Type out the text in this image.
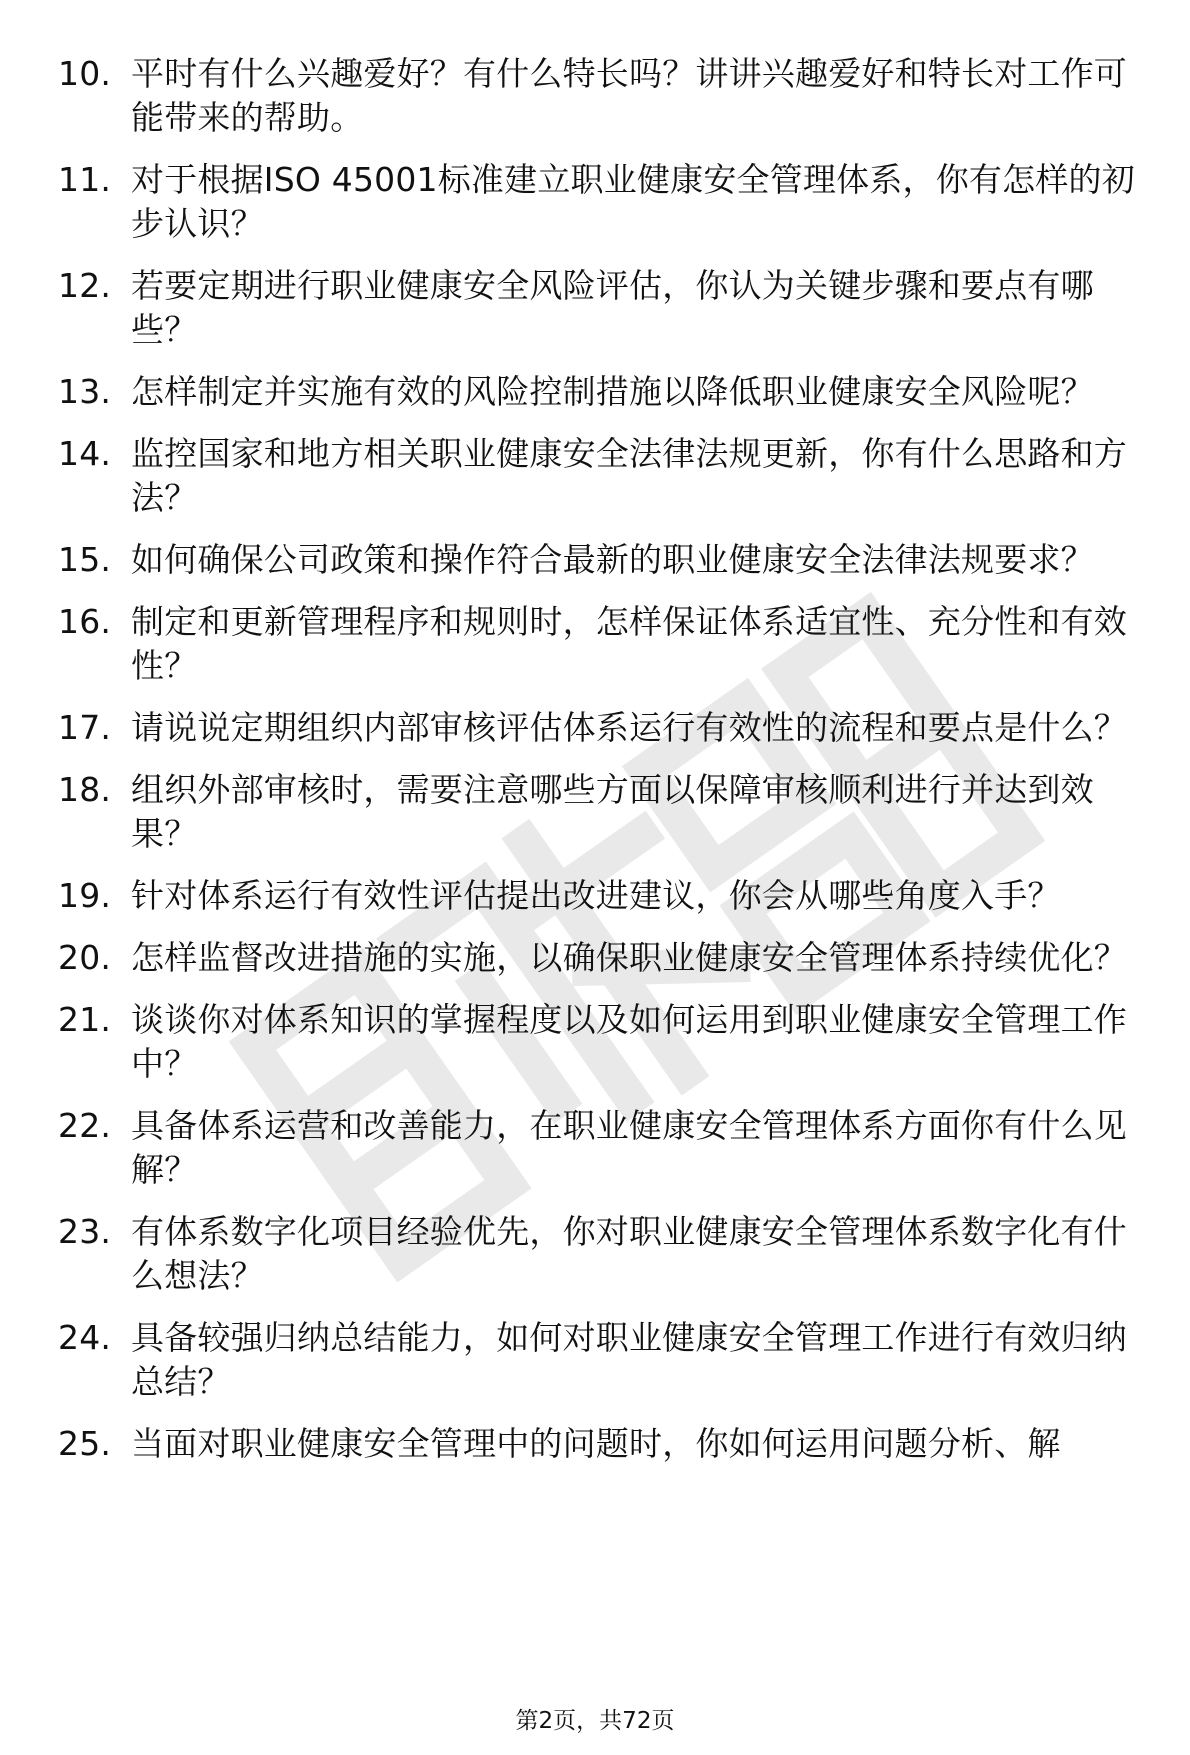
10. 平时有什么兴趣爱好？有什么特长吗？讲讲兴趣爱好和特长对工作可能带来的帮助。
11. 对于根据ISO 45001标准建立职业健康安全管理体系，你有怎样的初步认识？
12. 若要定期进行职业健康安全风险评估，你认为关键步骤和要点有哪些？
13. 怎样制定并实施有效的风险控制措施以降低职业健康安全风险呢？
14. 监控国家和地方相关职业健康安全法律法规更新，你有什么思路和方法？
15. 如何确保公司政策和操作符合最新的职业健康安全法律法规要求？
16. 制定和更新管理程序和规则时，怎样保证体系适宜性、充分性和有效性？
17. 请说说定期组织内部审核评估体系运行有效性的流程和要点是什么？
18. 组织外部审核时，需要注意哪些方面以保障审核顺利进行并达到效果？
19. 针对体系运行有效性评估提出改进建议，你会从哪些角度入手？
20. 怎样监督改进措施的实施，以确保职业健康安全管理体系持续优化？
21. 谈谈你对体系知识的掌握程度以及如何运用到职业健康安全管理工作中？
22. 具备体系运营和改善能力，在职业健康安全管理体系方面你有什么见解？
23. 有体系数字化项目经验优先，你对职业健康安全管理体系数字化有什么想法？
24. 具备较强归纳总结能力，如何对职业健康安全管理工作进行有效归纳总结？
25. 当面对职业健康安全管理中的问题时，你如何运用问题分析、解
第2页，共72页
